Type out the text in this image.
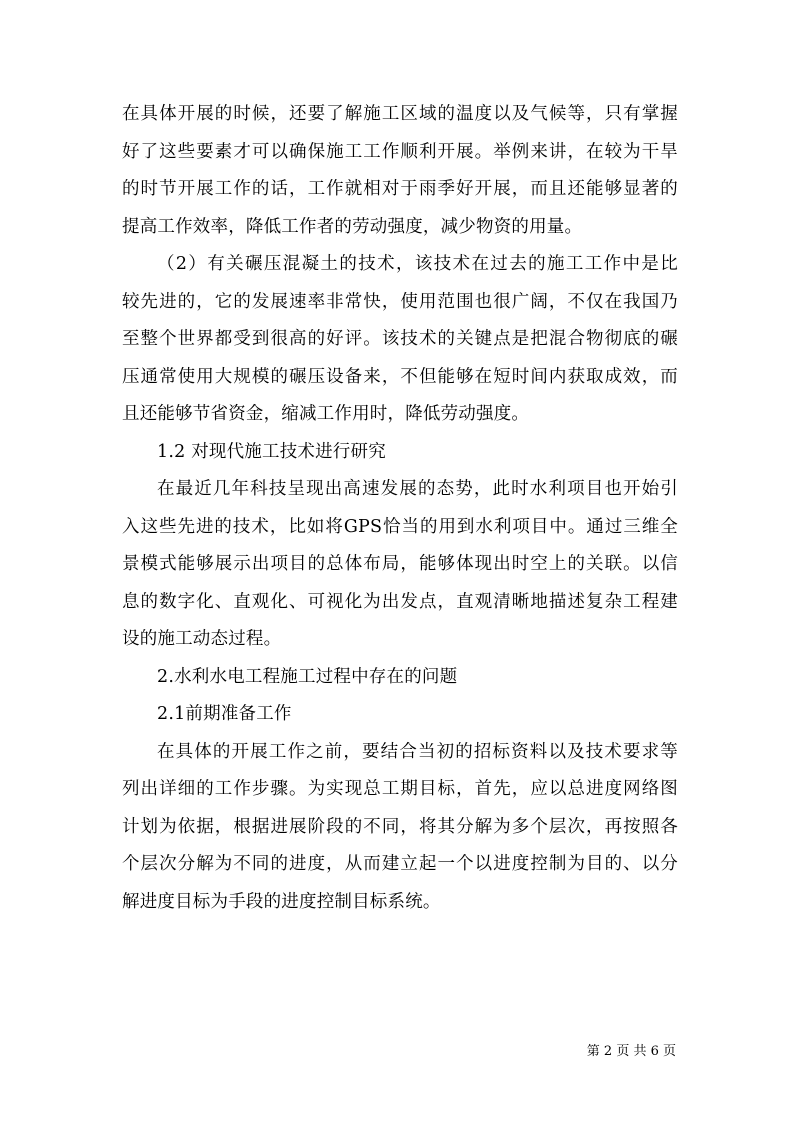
在具体开展的时候，还要了解施工区域的温度以及气候等，只有掌握
好了这些要素才可以确保施工工作顺利开展。举例来讲，在较为干旱
的时节开展工作的话，工作就相对于雨季好开展，而且还能够显著的
提高工作效率，降低工作者的劳动强度，减少物资的用量。
（2）有关碾压混凝土的技术，该技术在过去的施工工作中是比
较先进的，它的发展速率非常快，使用范围也很广阔，不仅在我国乃
至整个世界都受到很高的好评。该技术的关键点是把混合物彻底的碾
压通常使用大规模的碾压设备来，不但能够在短时间内获取成效，而
且还能够节省资金，缩减工作用时，降低劳动强度。
1.2 对现代施工技术进行研究
在最近几年科技呈现出高速发展的态势，此时水利项目也开始引
入这些先进的技术，比如将GPS恰当的用到水利项目中。通过三维全
景模式能够展示出项目的总体布局，能够体现出时空上的关联。以信
息的数字化、直观化、可视化为出发点，直观清晰地描述复杂工程建
设的施工动态过程。
2.水利水电工程施工过程中存在的问题
2.1前期准备工作
在具体的开展工作之前，要结合当初的招标资料以及技术要求等
列出详细的工作步骤。为实现总工期目标，首先，应以总进度网络图
计划为依据，根据进展阶段的不同，将其分解为多个层次，再按照各
个层次分解为不同的进度，从而建立起一个以进度控制为目的、以分
解进度目标为手段的进度控制目标系统。
第 2 页 共 6 页
